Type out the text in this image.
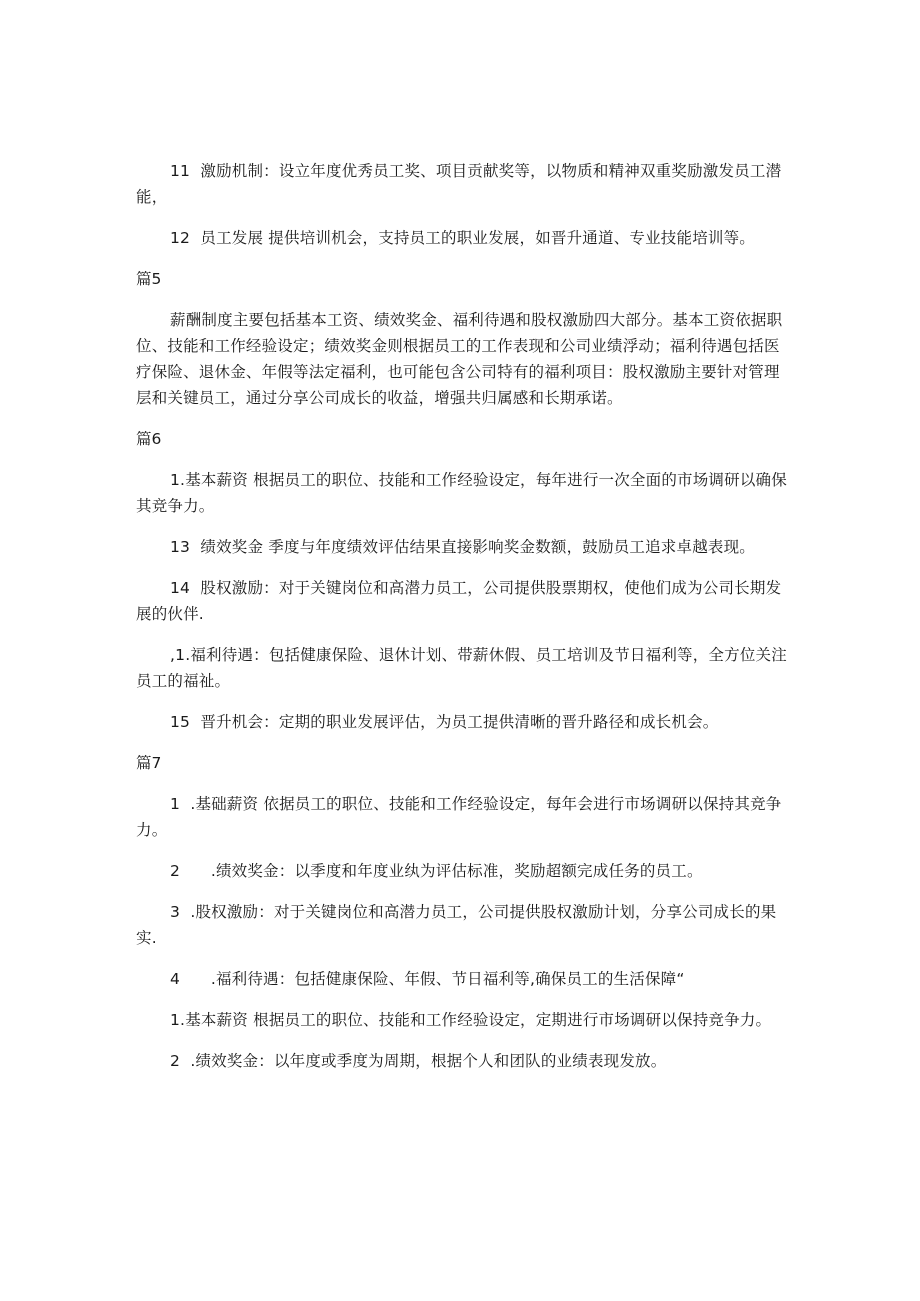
11  激励机制：设立年度优秀员工奖、项目贡献奖等，以物质和精神双重奖励激发员工潜能，

12  员工发展 提供培训机会，支持员工的职业发展，如晋升通道、专业技能培训等。

篇5

薪酬制度主要包括基本工资、绩效奖金、福利待遇和股权激励四大部分。基本工资依据职位、技能和工作经验设定；绩效奖金则根据员工的工作表现和公司业绩浮动；福利待遇包括医疗保险、退休金、年假等法定福利，也可能包含公司特有的福利项目：股权激励主要针对管理层和关键员工，通过分享公司成长的收益，增强共归属感和长期承诺。

篇6

1.基本薪资 根据员工的职位、技能和工作经验设定，每年进行一次全面的市场调研以确保其竞争力。

13  绩效奖金 季度与年度绩效评估结果直接影响奖金数额，鼓励员工追求卓越表现。

14  股权激励：对于关键岗位和高潜力员工，公司提供股票期权，使他们成为公司长期发展的伙伴.

,1.福利待遇：包括健康保险、退休计划、带薪休假、员工培训及节日福利等，全方位关注员工的福祉。

15  晋升机会：定期的职业发展评估，为员工提供清晰的晋升路径和成长机会。

篇7

1  .基础薪资 依据员工的职位、技能和工作经验设定，每年会进行市场调研以保持其竞争力。

2      .绩效奖金：以季度和年度业纨为评估标准，奖励超额完成任务的员工。

3  .股权激励：对于关键岗位和高潜力员工，公司提供股权激励计划，分享公司成长的果实.

4      .福利待遇：包括健康保险、年假、节日福利等,确保员工的生活保障“

1.基本薪资 根据员工的职位、技能和工作经验设定，定期进行市场调研以保持竞争力。

2  .绩效奖金：以年度或季度为周期，根据个人和团队的业绩表现发放。
